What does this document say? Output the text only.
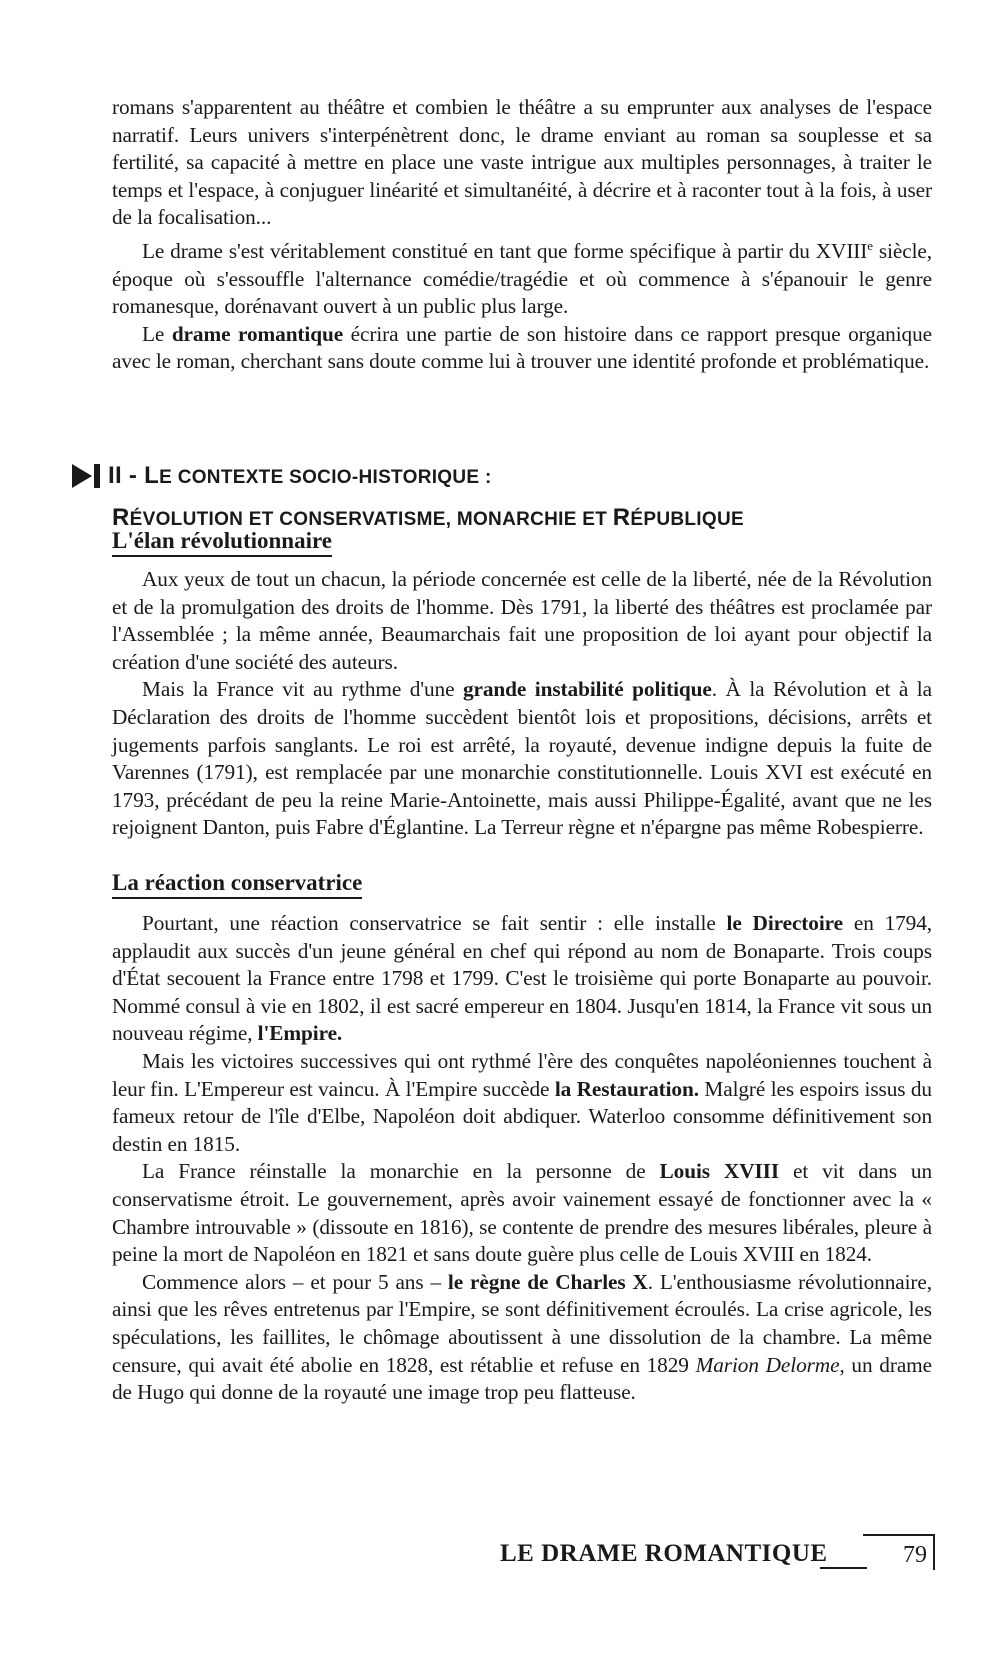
romans s'apparentent au théâtre et combien le théâtre a su emprunter aux analyses de l'espace narratif. Leurs univers s'interpénètrent donc, le drame enviant au roman sa souplesse et sa fertilité, sa capacité à mettre en place une vaste intrigue aux multiples personnages, à traiter le temps et l'espace, à conjuguer linéarité et simultanéité, à décrire et à raconter tout à la fois, à user de la focalisation...

Le drame s'est véritablement constitué en tant que forme spécifique à partir du XVIIIe siècle, époque où s'essouffle l'alternance comédie/tragédie et où commence à s'épanouir le genre romanesque, dorénavant ouvert à un public plus large.

Le drame romantique écrira une partie de son histoire dans ce rapport presque organique avec le roman, cherchant sans doute comme lui à trouver une identité profonde et problématique.

II - LE CONTEXTE SOCIO-HISTORIQUE :
RÉVOLUTION ET CONSERVATISME, MONARCHIE ET RÉPUBLIQUE
L'élan révolutionnaire

Aux yeux de tout un chacun, la période concernée est celle de la liberté, née de la Révolution et de la promulgation des droits de l'homme. Dès 1791, la liberté des théâtres est proclamée par l'Assemblée ; la même année, Beaumarchais fait une proposition de loi ayant pour objectif la création d'une société des auteurs.

Mais la France vit au rythme d'une grande instabilité politique. À la Révolution et à la Déclaration des droits de l'homme succèdent bientôt lois et propositions, décisions, arrêts et jugements parfois sanglants. Le roi est arrêté, la royauté, devenue indigne depuis la fuite de Varennes (1791), est remplacée par une monarchie constitutionnelle. Louis XVI est exécuté en 1793, précédant de peu la reine Marie-Antoinette, mais aussi Philippe-Égalité, avant que ne les rejoignent Danton, puis Fabre d'Églantine. La Terreur règne et n'épargne pas même Robespierre.

La réaction conservatrice

Pourtant, une réaction conservatrice se fait sentir : elle installe le Directoire en 1794, applaudit aux succès d'un jeune général en chef qui répond au nom de Bonaparte. Trois coups d'État secouent la France entre 1798 et 1799. C'est le troisième qui porte Bonaparte au pouvoir. Nommé consul à vie en 1802, il est sacré empereur en 1804. Jusqu'en 1814, la France vit sous un nouveau régime, l'Empire.

Mais les victoires successives qui ont rythmé l'ère des conquêtes napoléoniennes touchent à leur fin. L'Empereur est vaincu. À l'Empire succède la Restauration. Malgré les espoirs issus du fameux retour de l'île d'Elbe, Napoléon doit abdiquer. Waterloo consomme définitivement son destin en 1815.

La France réinstalle la monarchie en la personne de Louis XVIII et vit dans un conservatisme étroit. Le gouvernement, après avoir vainement essayé de fonctionner avec la « Chambre introuvable » (dissoute en 1816), se contente de prendre des mesures libérales, pleure à peine la mort de Napoléon en 1821 et sans doute guère plus celle de Louis XVIII en 1824.

Commence alors – et pour 5 ans – le règne de Charles X. L'enthousiasme révolutionnaire, ainsi que les rêves entretenus par l'Empire, se sont définitivement écroulés. La crise agricole, les spéculations, les faillites, le chômage aboutissent à une dissolution de la chambre. La même censure, qui avait été abolie en 1828, est rétablie et refuse en 1829 Marion Delorme, un drame de Hugo qui donne de la royauté une image trop peu flatteuse.

LE DRAME ROMANTIQUE	79
